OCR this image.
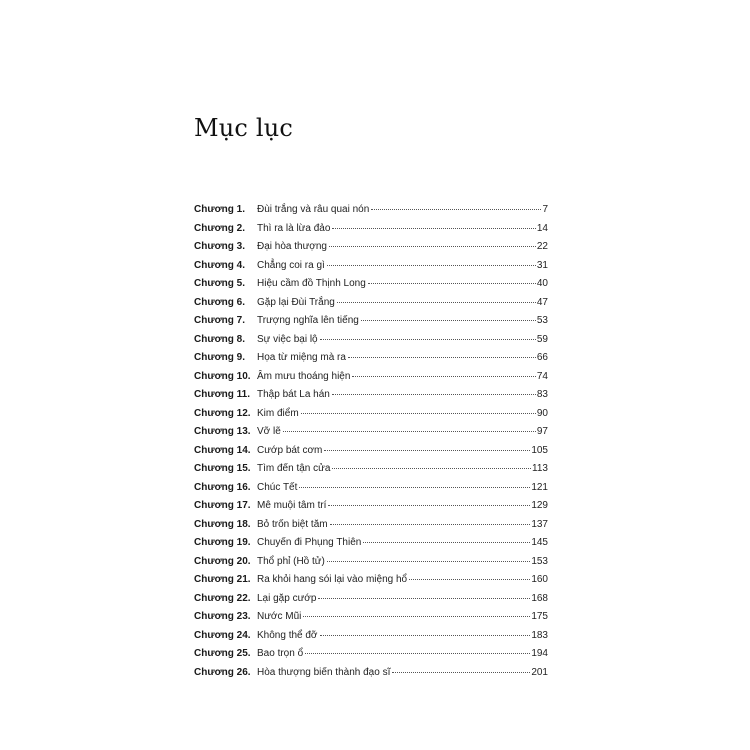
Mục lục
Chương 1.	Đùi trắng và râu quai nón	7
Chương 2.	Thì ra là lừa đảo	14
Chương 3.	Đại hòa thượng	22
Chương 4.	Chẳng coi ra gì	31
Chương 5.	Hiệu cầm đồ Thịnh Long	40
Chương 6.	Gặp lại Đùi Trắng	47
Chương 7.	Trượng nghĩa lên tiếng	53
Chương 8.	Sự việc bại lộ	59
Chương 9.	Họa từ miệng mà ra	66
Chương 10. Âm mưu thoáng hiện	74
Chương 11. Thập bát La hán	83
Chương 12. Kim điểm	90
Chương 13. Vỡ lẽ	97
Chương 14. Cướp bát cơm	105
Chương 15. Tìm đến tận cửa	113
Chương 16. Chúc Tết	121
Chương 17. Mê muội tâm trí	129
Chương 18. Bỏ trốn biệt tăm	137
Chương 19. Chuyến đi Phụng Thiên	145
Chương 20. Thổ phỉ (Hồ tử)	153
Chương 21. Ra khỏi hang sói lại vào miệng hổ	160
Chương 22. Lại gặp cướp	168
Chương 23. Nước Mũi	175
Chương 24. Không thể đỡ	183
Chương 25. Bao trọn ổ	194
Chương 26. Hòa thượng biến thành đạo sĩ	201
